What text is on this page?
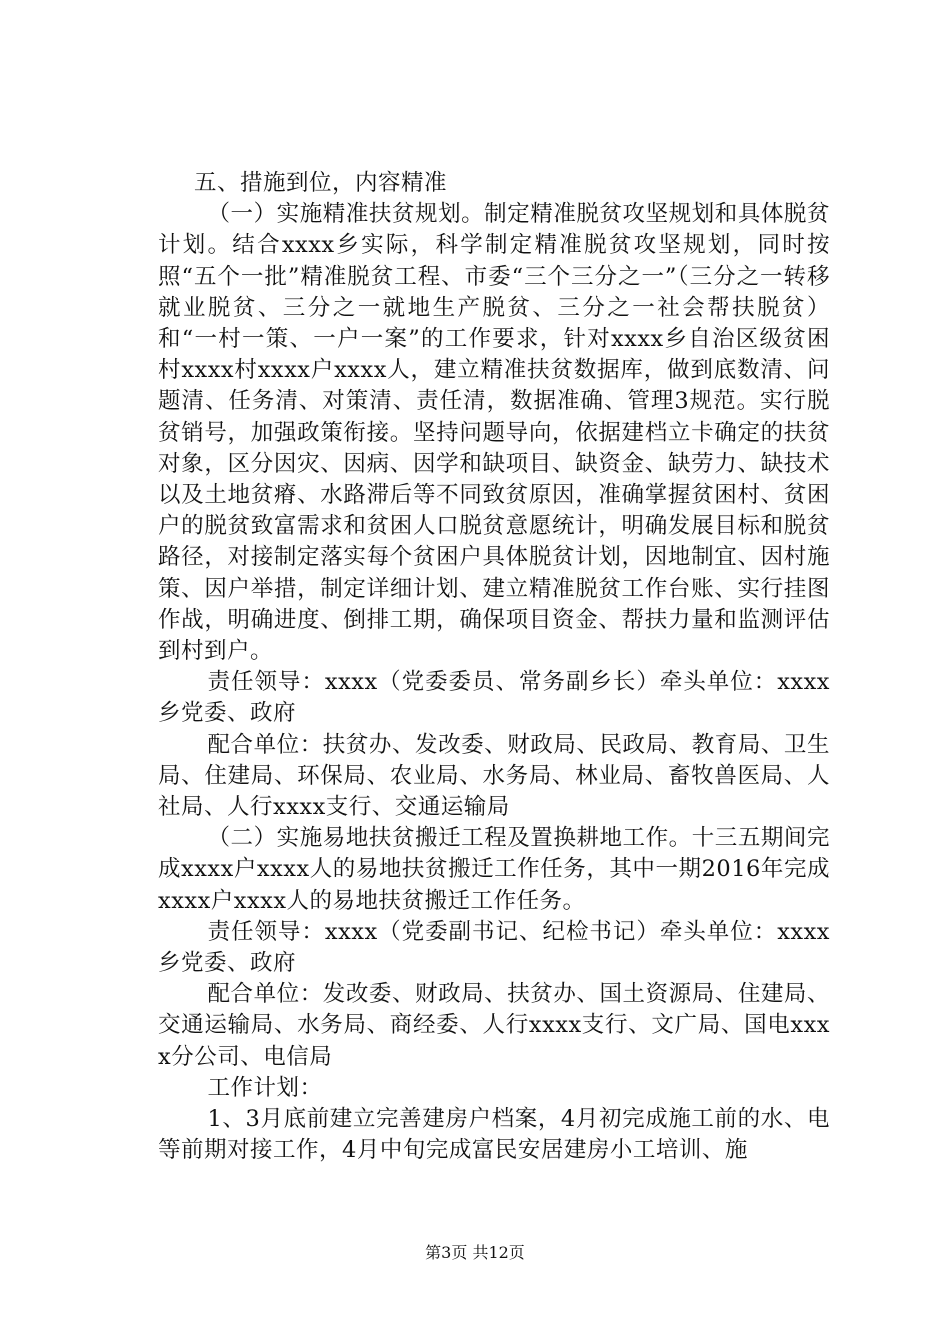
五、措施到位，内容精准

（一）实施精准扶贫规划。制定精准脱贫攻坚规划和具体脱贫计划。结合xxxx乡实际，科学制定精准脱贫攻坚规划，同时按照“五个一批”精准脱贫工程、市委“三个三分之一”（三分之一转移就业脱贫、三分之一就地生产脱贫、三分之一社会帮扶脱贫）和“一村一策、一户一案”的工作要求，针对xxxx乡自治区级贫困村xxxx村xxxx户xxxx人，建立精准扶贫数据库，做到底数清、问题清、任务清、对策清、责任清，数据准确、管理3规范。实行脱贫销号，加强政策衔接。坚持问题导向，依据建档立卡确定的扶贫对象，区分因灾、因病、因学和缺项目、缺资金、缺劳力、缺技术以及土地贫瘠、水路滞后等不同致贫原因，准确掌握贫困村、贫困户的脱贫致富需求和贫困人口脱贫意愿统计，明确发展目标和脱贫路径，对接制定落实每个贫困户具体脱贫计划，因地制宜、因村施策、因户举措，制定详细计划、建立精准脱贫工作台账、实行挂图作战，明确进度、倒排工期，确保项目资金、帮扶力量和监测评估到村到户。

责任领导：xxxx（党委委员、常务副乡长）牵头单位：xxxx乡党委、政府

配合单位：扶贫办、发改委、财政局、民政局、教育局、卫生局、住建局、环保局、农业局、水务局、林业局、畜牧兽医局、人社局、人行xxxx支行、交通运输局

（二）实施易地扶贫搬迁工程及置换耕地工作。十三五期间完成xxxx户xxxx人的易地扶贫搬迁工作任务，其中一期2016年完成xxxx户xxxx人的易地扶贫搬迁工作任务。

责任领导：xxxx（党委副书记、纪检书记）牵头单位：xxxx乡党委、政府

配合单位：发改委、财政局、扶贫办、国土资源局、住建局、交通运输局、水务局、商经委、人行xxxx支行、文广局、国电xxxx分公司、电信局

工作计划：

1、3月底前建立完善建房户档案，4月初完成施工前的水、电等前期对接工作，4月中旬完成富民安居建房小工培训、施

第3页 共12页
